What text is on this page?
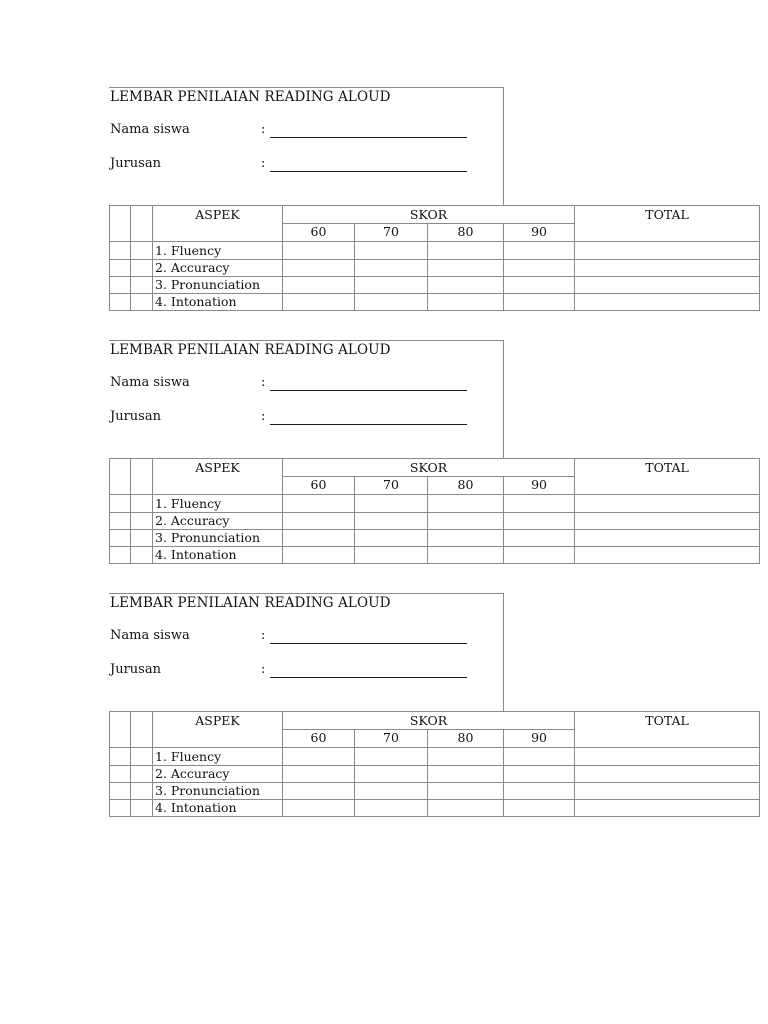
LEMBAR PENILAIAN READING ALOUD
Nama siswa	:
Jurusan	:
		ASPEK	SKOR				TOTAL
			60	70	80	90	
		1. Fluency					
		2. Accuracy					
		3. Pronunciation					
		4. Intonation					
LEMBAR PENILAIAN READING ALOUD
Nama siswa	:
Jurusan	:
		ASPEK	SKOR				TOTAL
			60	70	80	90	
		1. Fluency					
		2. Accuracy					
		3. Pronunciation					
		4. Intonation					
LEMBAR PENILAIAN READING ALOUD
Nama siswa	:
Jurusan	:
		ASPEK	SKOR				TOTAL
			60	70	80	90	
		1. Fluency					
		2. Accuracy					
		3. Pronunciation					
		4. Intonation					
